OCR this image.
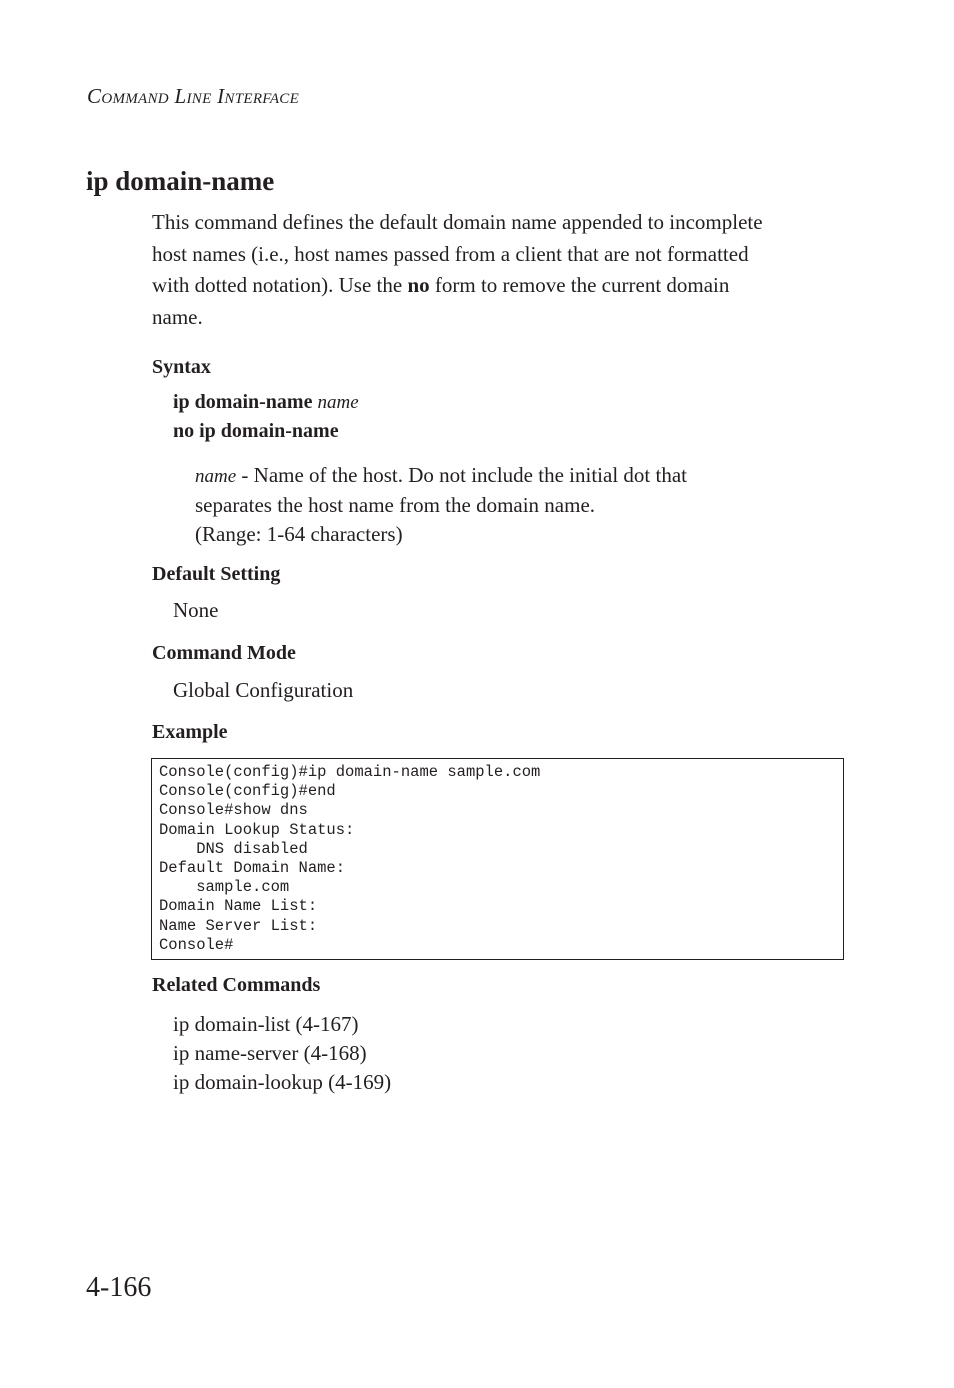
COMMAND LINE INTERFACE
ip domain-name

This command defines the default domain name appended to incomplete

host names (i.e., host names passed from a client that are not formatted

with dotted notation). Use the no form to remove the current domain

name.

Syntax
ip domain-name name
no ip domain-name
name - Name of the host. Do not include the initial dot that
separates the host name from the domain name.
(Range: 1-64 characters)
Default Setting
None
Command Mode
Global Configuration
Example
Console(config)#ip domain-name sample.com
Console(config)#end
Console#show dns
Domain Lookup Status:
DNS disabled
Default Domain Name:
sample.com
Domain Name List:
Name Server List:
Console#
Related Commands
ip domain-list (4-167)
ip name-server (4-168)
ip domain-lookup (4-169)
4-166
